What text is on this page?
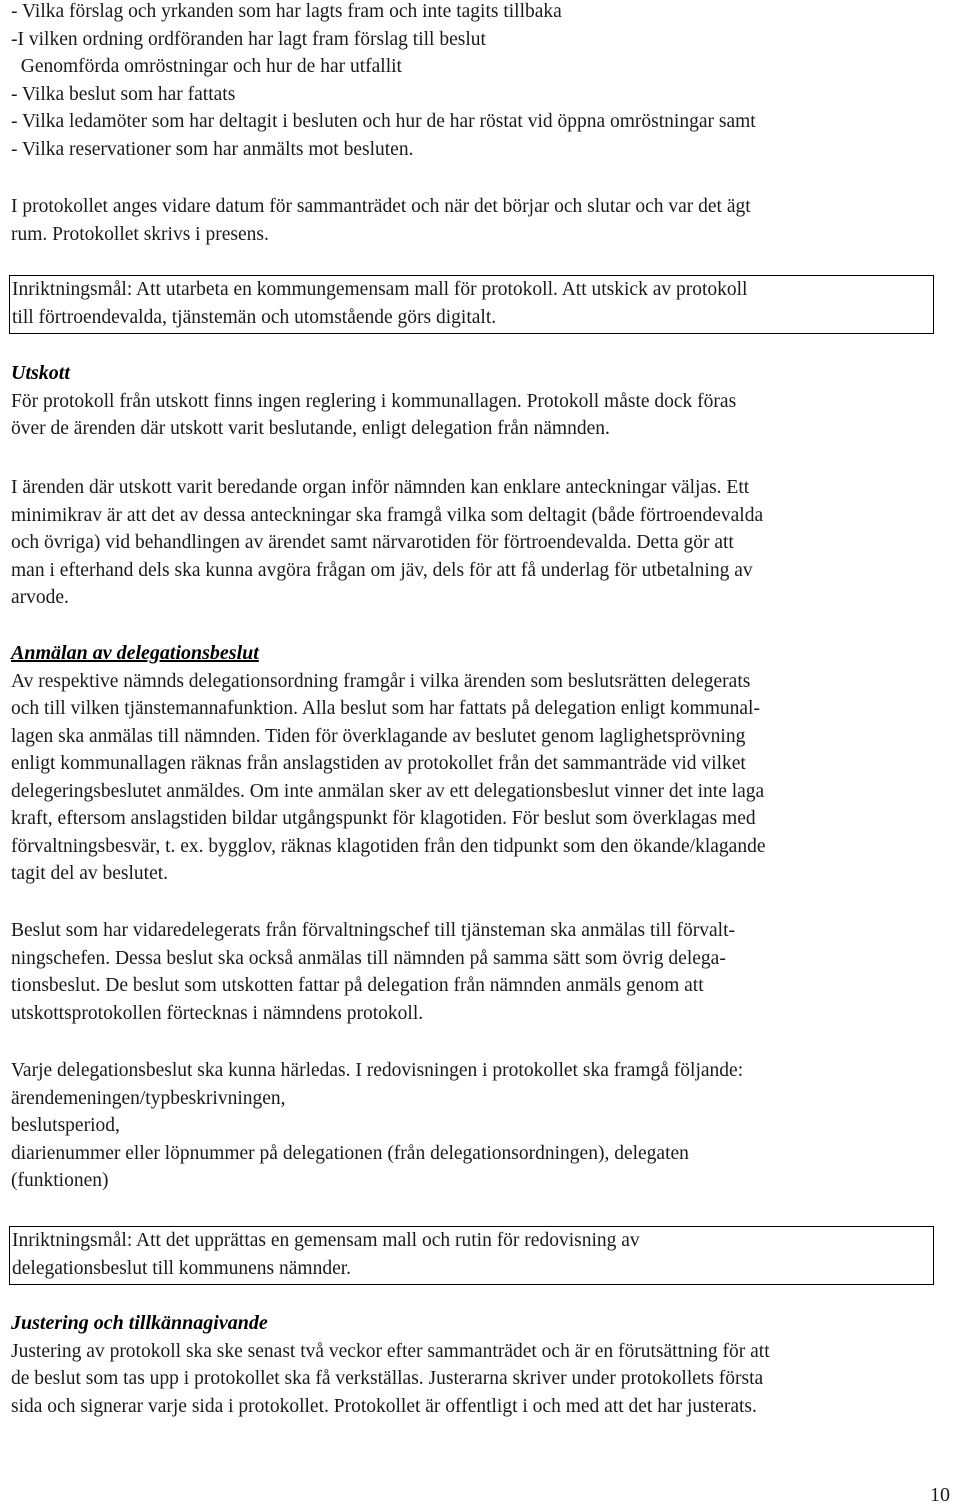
- Vilka förslag och yrkanden som har lagts fram och inte tagits tillbaka
-I vilken ordning ordföranden har lagt fram förslag till beslut
Genomförda omröstningar och hur de har utfallit
- Vilka beslut som har fattats
- Vilka ledamöter som har deltagit i besluten och hur de har röstat vid öppna omröstningar samt
- Vilka reservationer som har anmälts mot besluten.
I protokollet anges vidare datum för sammanträdet och när det börjar och slutar och var det ägt
rum. Protokollet skrivs i presens.
Inriktningsmål: Att utarbeta en kommungemensam mall för protokoll. Att utskick av protokoll
till förtroendevalda, tjänstemän och utomstående görs digitalt.
Utskott
För protokoll från utskott finns ingen reglering i kommunallagen. Protokoll måste dock föras
över de ärenden där utskott varit beslutande, enligt delegation från nämnden.
I ärenden där utskott varit beredande organ inför nämnden kan enklare anteckningar väljas. Ett
minimikrav är att det av dessa anteckningar ska framgå vilka som deltagit (både förtroendevalda
och övriga) vid behandlingen av ärendet samt närvarotiden för förtroendevalda. Detta gör att
man i efterhand dels ska kunna avgöra frågan om jäv, dels för att få underlag för utbetalning av
arvode.
Anmälan av delegationsbeslut
Av respektive nämnds delegationsordning framgår i vilka ärenden som beslutsrätten delegerats
och till vilken tjänstemannafunktion. Alla beslut som har fattats på delegation enligt kommunal-
lagen ska anmälas till nämnden. Tiden för överklagande av beslutet genom laglighetsprövning
enligt kommunallagen räknas från anslagstiden av protokollet från det sammanträde vid vilket
delegeringsbeslutet anmäldes. Om inte anmälan sker av ett delegationsbeslut vinner det inte laga
kraft, eftersom anslagstiden bildar utgångspunkt för klagotiden. För beslut som överklagas med
förvaltningsbesvär, t. ex. bygglov, räknas klagotiden från den tidpunkt som den ökande/klagande
tagit del av beslutet.
Beslut som har vidaredelegerats från förvaltningschef till tjänsteman ska anmälas till förvalt-
ningschefen. Dessa beslut ska också anmälas till nämnden på samma sätt som övrig delega-
tionsbeslut. De beslut som utskotten fattar på delegation från nämnden anmäls genom att
utskottsprotokollen förtecknas i nämndens protokoll.
Varje delegationsbeslut ska kunna härledas. I redovisningen i protokollet ska framgå följande:
ärendemeningen/typbeskrivningen,
beslutsperiod,
diarienummer eller löpnummer på delegationen (från delegationsordningen), delegaten
(funktionen)
Inriktningsmål: Att det upprättas en gemensam mall och rutin för redovisning av
delegationsbeslut till kommunens nämnder.
Justering och tillkännagivande
Justering av protokoll ska ske senast två veckor efter sammanträdet och är en förutsättning för att
de beslut som tas upp i protokollet ska få verkställas. Justerarna skriver under protokollets första
sida och signerar varje sida i protokollet. Protokollet är offentligt i och med att det har justerats.
10
